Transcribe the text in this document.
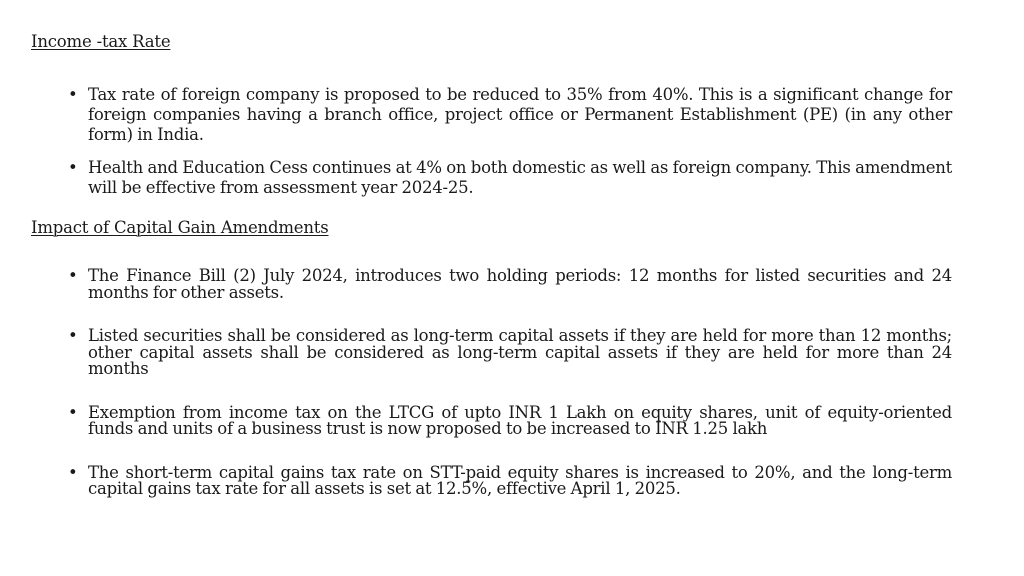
Income -tax Rate
• Tax rate of foreign company is proposed to be reduced to 35% from 40%. This is a significant change for foreign companies having a branch office, project office or Permanent Establishment (PE) (in any other form) in India.
• Health and Education Cess continues at 4% on both domestic as well as foreign company. This amendment will be effective from assessment year 2024-25.
Impact of Capital Gain Amendments
• The Finance Bill (2) July 2024, introduces two holding periods: 12 months for listed securities and 24 months for other assets.
• Listed securities shall be considered as long-term capital assets if they are held for more than 12 months; other capital assets shall be considered as long-term capital assets if they are held for more than 24 months
• Exemption from income tax on the LTCG of upto INR 1 Lakh on equity shares, unit of equity-oriented funds and units of a business trust is now proposed to be increased to INR 1.25 lakh
• The short-term capital gains tax rate on STT-paid equity shares is increased to 20%, and the long-term capital gains tax rate for all assets is set at 12.5%, effective April 1, 2025.
